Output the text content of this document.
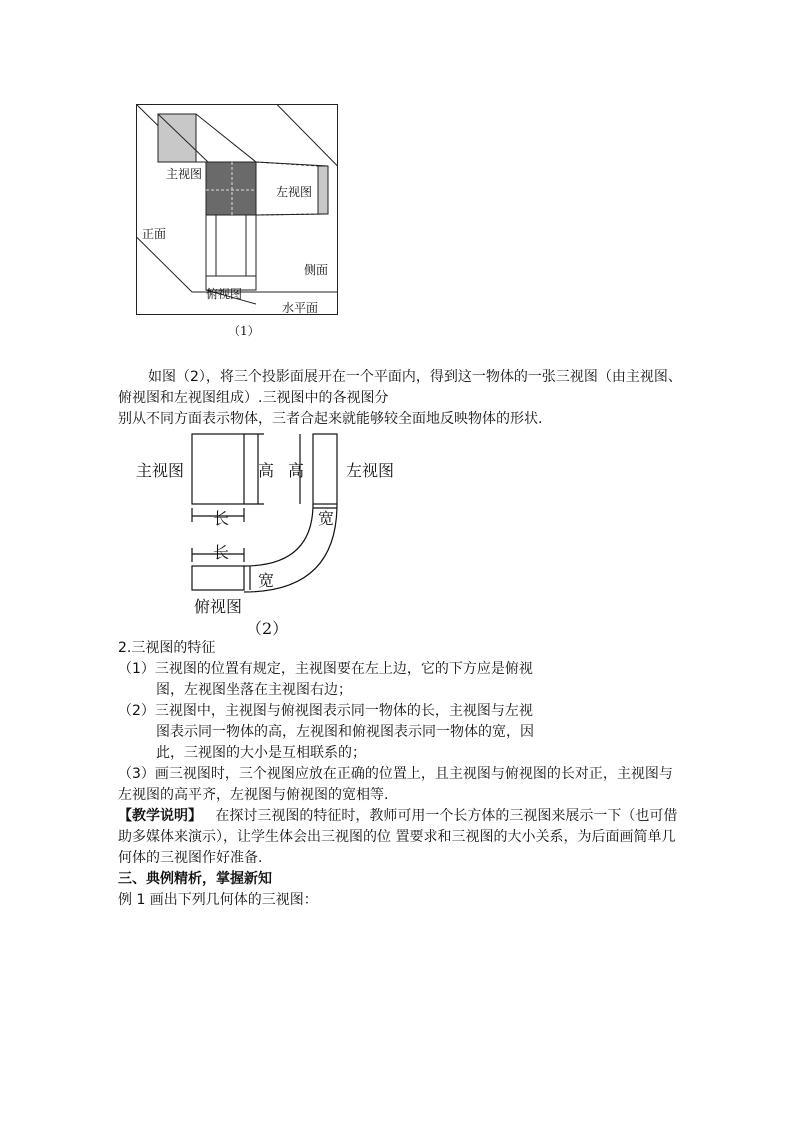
主视图
左视图
正面
侧面
俯视图
水平面
（1）
如图（2），将三个投影面展开在一个平面内，得到这一物体的一张三视图（由主视图、
俯视图和左视图组成）.三视图中的各视图分
别从不同方面表示物体，三者合起来就能够较全面地反映物体的形状.
主视图	左视图
高 高
长	宽
长
宽
俯视图
（2）
2.三视图的特征
（1）三视图的位置有规定，主视图要在左上边，它的下方应是俯视
图，左视图坐落在主视图右边；
（2）三视图中，主视图与俯视图表示同一物体的长，主视图与左视
图表示同一物体的高，左视图和俯视图表示同一物体的宽，因
此，三视图的大小是互相联系的；
（3）画三视图时，三个视图应放在正确的位置上，且主视图与俯视图的长对正，主视图与
左视图的高平齐，左视图与俯视图的宽相等.
【教学说明】 在探讨三视图的特征时，教师可用一个长方体的三视图来展示一下（也可借
助多媒体来演示），让学生体会出三视图的位 置要求和三视图的大小关系，为后面画简单几
何体的三视图作好准备.
三、典例精析，掌握新知
例 1 画出下列几何体的三视图：
